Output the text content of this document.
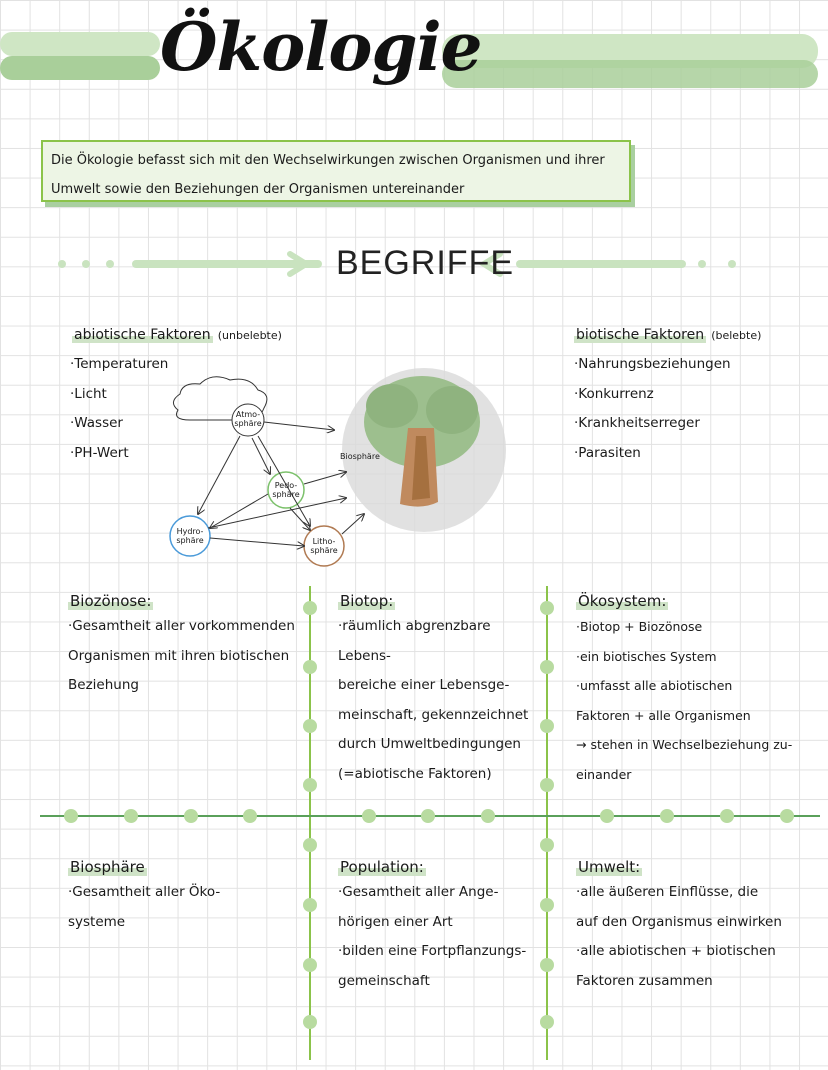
Ökologie
Die Ökologie befasst sich mit den Wechselwirkungen zwischen Organismen und ihrer
Umwelt sowie den Beziehungen der Organismen untereinander
BEGRIFFE
abiotische Faktoren (unbelebte)
·Temperaturen
·Licht
·Wasser
·PH-Wert
biotische Faktoren (belebte)
·Nahrungsbeziehungen
·Konkurrenz
·Krankheitserreger
·Parasiten
Atmo-
sphäre
Biosphäre
Pedo-
sphäre
Hydro-
sphäre	Litho-
sphäre
Biozönose:
·Gesamtheit aller vorkommenden
Organismen mit ihren biotischen
Beziehung
Biotop:
·räumlich abgrenzbare Lebens-
bereiche einer Lebensge-
meinschaft, gekennzeichnet
durch Umweltbedingungen
(=abiotische Faktoren)
Ökosystem:
·Biotop + Biozönose
·ein biotisches System
·umfasst alle abiotischen
Faktoren + alle Organismen
→ stehen in Wechselbeziehung zu-
einander
Biosphäre
·Gesamtheit aller Öko-
systeme
Population:
·Gesamtheit aller Ange-
hörigen einer Art
·bilden eine Fortpflanzungs-
gemeinschaft
Umwelt:
·alle äußeren Einflüsse, die
auf den Organismus einwirken
·alle abiotischen + biotischen
Faktoren zusammen
